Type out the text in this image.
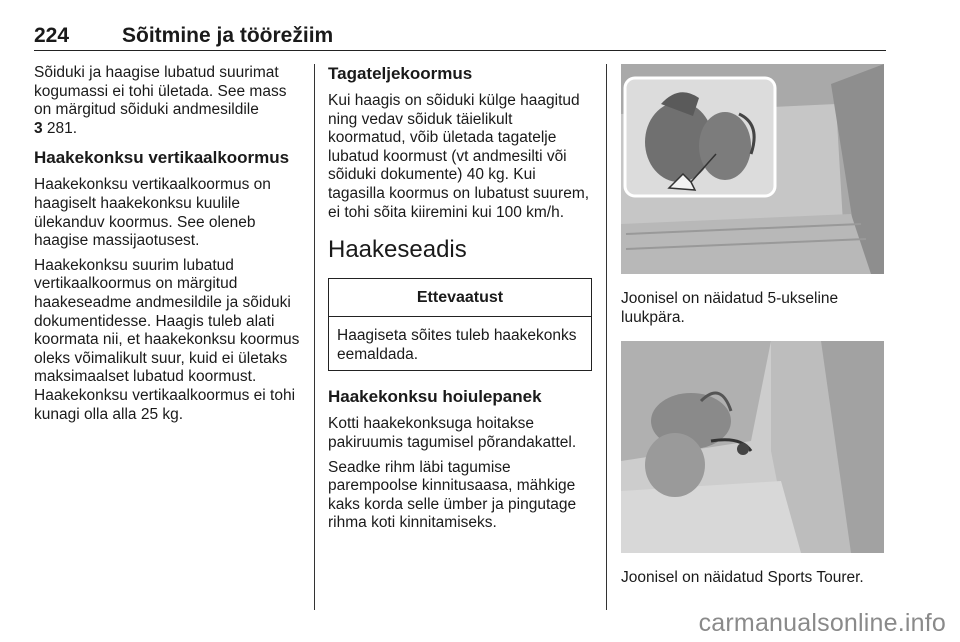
224	Sõitmine ja töörežiim

Sõiduki ja haagise lubatud suurimat kogumassi ei tohi ületada. See mass on märgitud sõiduki andmesildile
3 281.

Haakekonksu vertikaalkoormus

Haakekonksu vertikaalkoormus on haagiselt haakekonksu kuulile ülekanduv koormus. See oleneb haagise massijaotusest.

Haakekonksu suurim lubatud vertikaalkoormus on märgitud haakeseadme andmesildile ja sõiduki dokumentidesse. Haagis tuleb alati koormata nii, et haakekonksu koormus oleks võimalikult suur, kuid ei ületaks maksimaalset lubatud koormust. Haakekonksu vertikaalkoormus ei tohi kunagi olla alla 25 kg.

Tagateljekoormus

Kui haagis on sõiduki külge haagitud ning vedav sõiduk täielikult koormatud, võib ületada tagatelje lubatud koormust (vt andmesilti või sõiduki dokumente) 40 kg. Kui tagasilla koormus on lubatust suurem, ei tohi sõita kiiremini kui 100 km/h.

Haakeseadis
Ettevaatust

Haagiseta sõites tuleb haakekonks eemaldada.

Haakekonksu hoiulepanek

Kotti haakekonksuga hoitakse pakiruumis tagumisel põrandakattel.

Seadke rihm läbi tagumise parempoolse kinnitusaasa, mähkige kaks korda selle ümber ja pingutage rihma koti kinnitamiseks.

Joonisel on näidatud 5-ukseline luukpära.

Joonisel on näidatud Sports Tourer.

carmanualsonline.info
